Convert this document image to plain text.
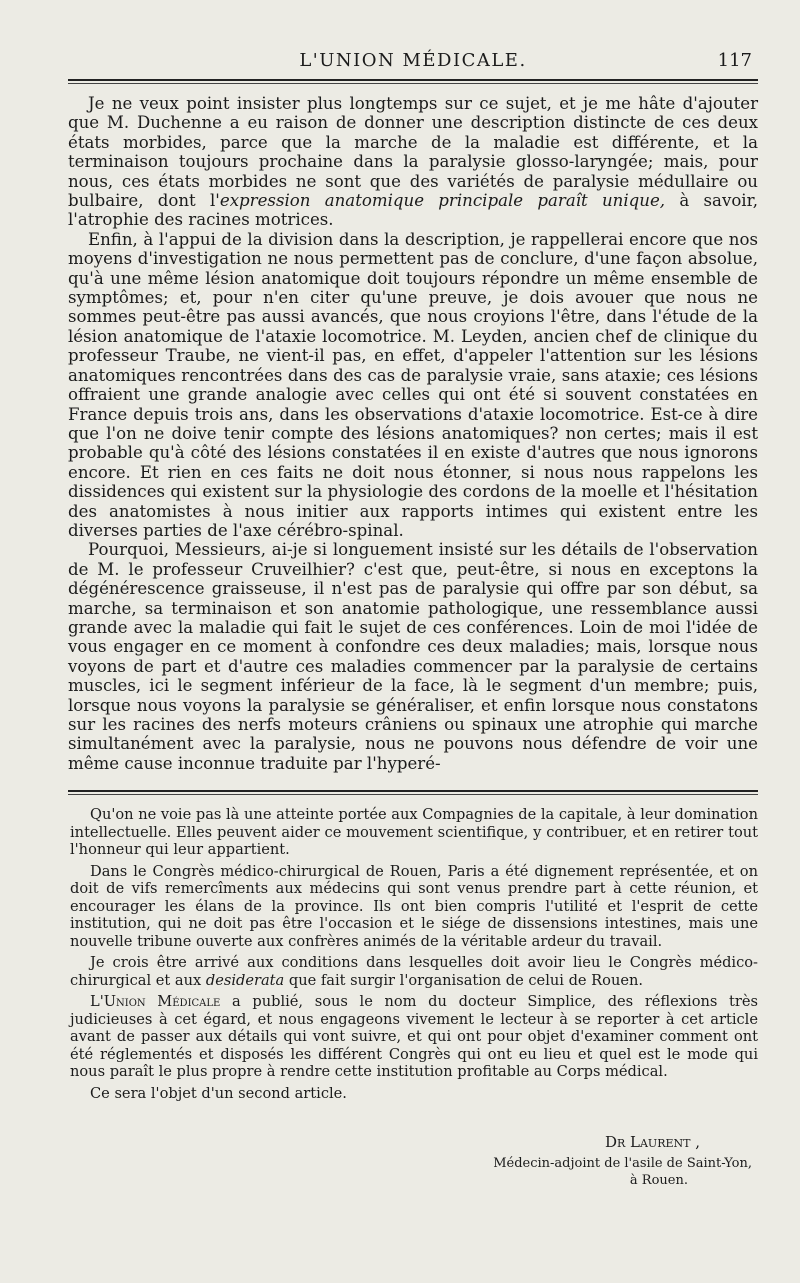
L'UNION MÉDICALE.	117

Je ne veux point insister plus longtemps sur ce sujet, et je me hâte d'ajouter que M. Duchenne a eu raison de donner une description distincte de ces deux états morbides, parce que la marche de la maladie est différente, et la terminaison toujours prochaine dans la paralysie glosso-laryngée; mais, pour nous, ces états morbides ne sont que des variétés de paralysie médullaire ou bulbaire, dont l'expression anatomique principale paraît unique, à savoir, l'atrophie des racines motrices.

Enfin, à l'appui de la division dans la description, je rappellerai encore que nos moyens d'investigation ne nous permettent pas de conclure, d'une façon absolue, qu'à une même lésion anatomique doit toujours répondre un même ensemble de symptômes; et, pour n'en citer qu'une preuve, je dois avouer que nous ne sommes peut-être pas aussi avancés, que nous croyions l'être, dans l'étude de la lésion anatomique de l'ataxie locomotrice. M. Leyden, ancien chef de clinique du professeur Traube, ne vient-il pas, en effet, d'appeler l'attention sur les lésions anatomiques rencontrées dans des cas de paralysie vraie, sans ataxie; ces lésions offraient une grande analogie avec celles qui ont été si souvent constatées en France depuis trois ans, dans les observations d'ataxie locomotrice. Est-ce à dire que l'on ne doive tenir compte des lésions anatomiques? non certes; mais il est probable qu'à côté des lésions constatées il en existe d'autres que nous ignorons encore. Et rien en ces faits ne doit nous étonner, si nous nous rappelons les dissidences qui existent sur la physiologie des cordons de la moelle et l'hésitation des anatomistes à nous initier aux rapports intimes qui existent entre les diverses parties de l'axe cérébro-spinal.

Pourquoi, Messieurs, ai-je si longuement insisté sur les détails de l'observation de M. le professeur Cruveilhier? c'est que, peut-être, si nous en exceptons la dégénérescence graisseuse, il n'est pas de paralysie qui offre par son début, sa marche, sa terminaison et son anatomie pathologique, une ressemblance aussi grande avec la maladie qui fait le sujet de ces conférences. Loin de moi l'idée de vous engager en ce moment à confondre ces deux maladies; mais, lorsque nous voyons de part et d'autre ces maladies commencer par la paralysie de certains muscles, ici le segment inférieur de la face, là le segment d'un membre; puis, lorsque nous voyons la paralysie se généraliser, et enfin lorsque nous constatons sur les racines des nerfs moteurs crâniens ou spinaux une atrophie qui marche simultanément avec la paralysie, nous ne pouvons nous défendre de voir une même cause inconnue traduite par l'hyperé-

Qu'on ne voie pas là une atteinte portée aux Compagnies de la capitale, à leur domination intellectuelle. Elles peuvent aider ce mouvement scientifique, y contribuer, et en retirer tout l'honneur qui leur appartient.

Dans le Congrès médico-chirurgical de Rouen, Paris a été dignement représentée, et on doit de vifs remercîments aux médecins qui sont venus prendre part à cette réunion, et encourager les élans de la province. Ils ont bien compris l'utilité et l'esprit de cette institution, qui ne doit pas être l'occasion et le siége de dissensions intestines, mais une nouvelle tribune ouverte aux confrères animés de la véritable ardeur du travail.

Je crois être arrivé aux conditions dans lesquelles doit avoir lieu le Congrès médico-chirurgical et aux desiderata que fait surgir l'organisation de celui de Rouen.

L'Union Médicale a publié, sous le nom du docteur Simplice, des réflexions très judicieuses à cet égard, et nous engageons vivement le lecteur à se reporter à cet article avant de passer aux détails qui vont suivre, et qui ont pour objet d'examiner comment ont été réglementés et disposés les différent Congrès qui ont eu lieu et quel est le mode qui nous paraît le plus propre à rendre cette institution profitable au Corps médical.

Ce sera l'objet d'un second article.

Dr Laurent ,
Médecin-adjoint de l'asile de Saint-Yon,
à Rouen.
